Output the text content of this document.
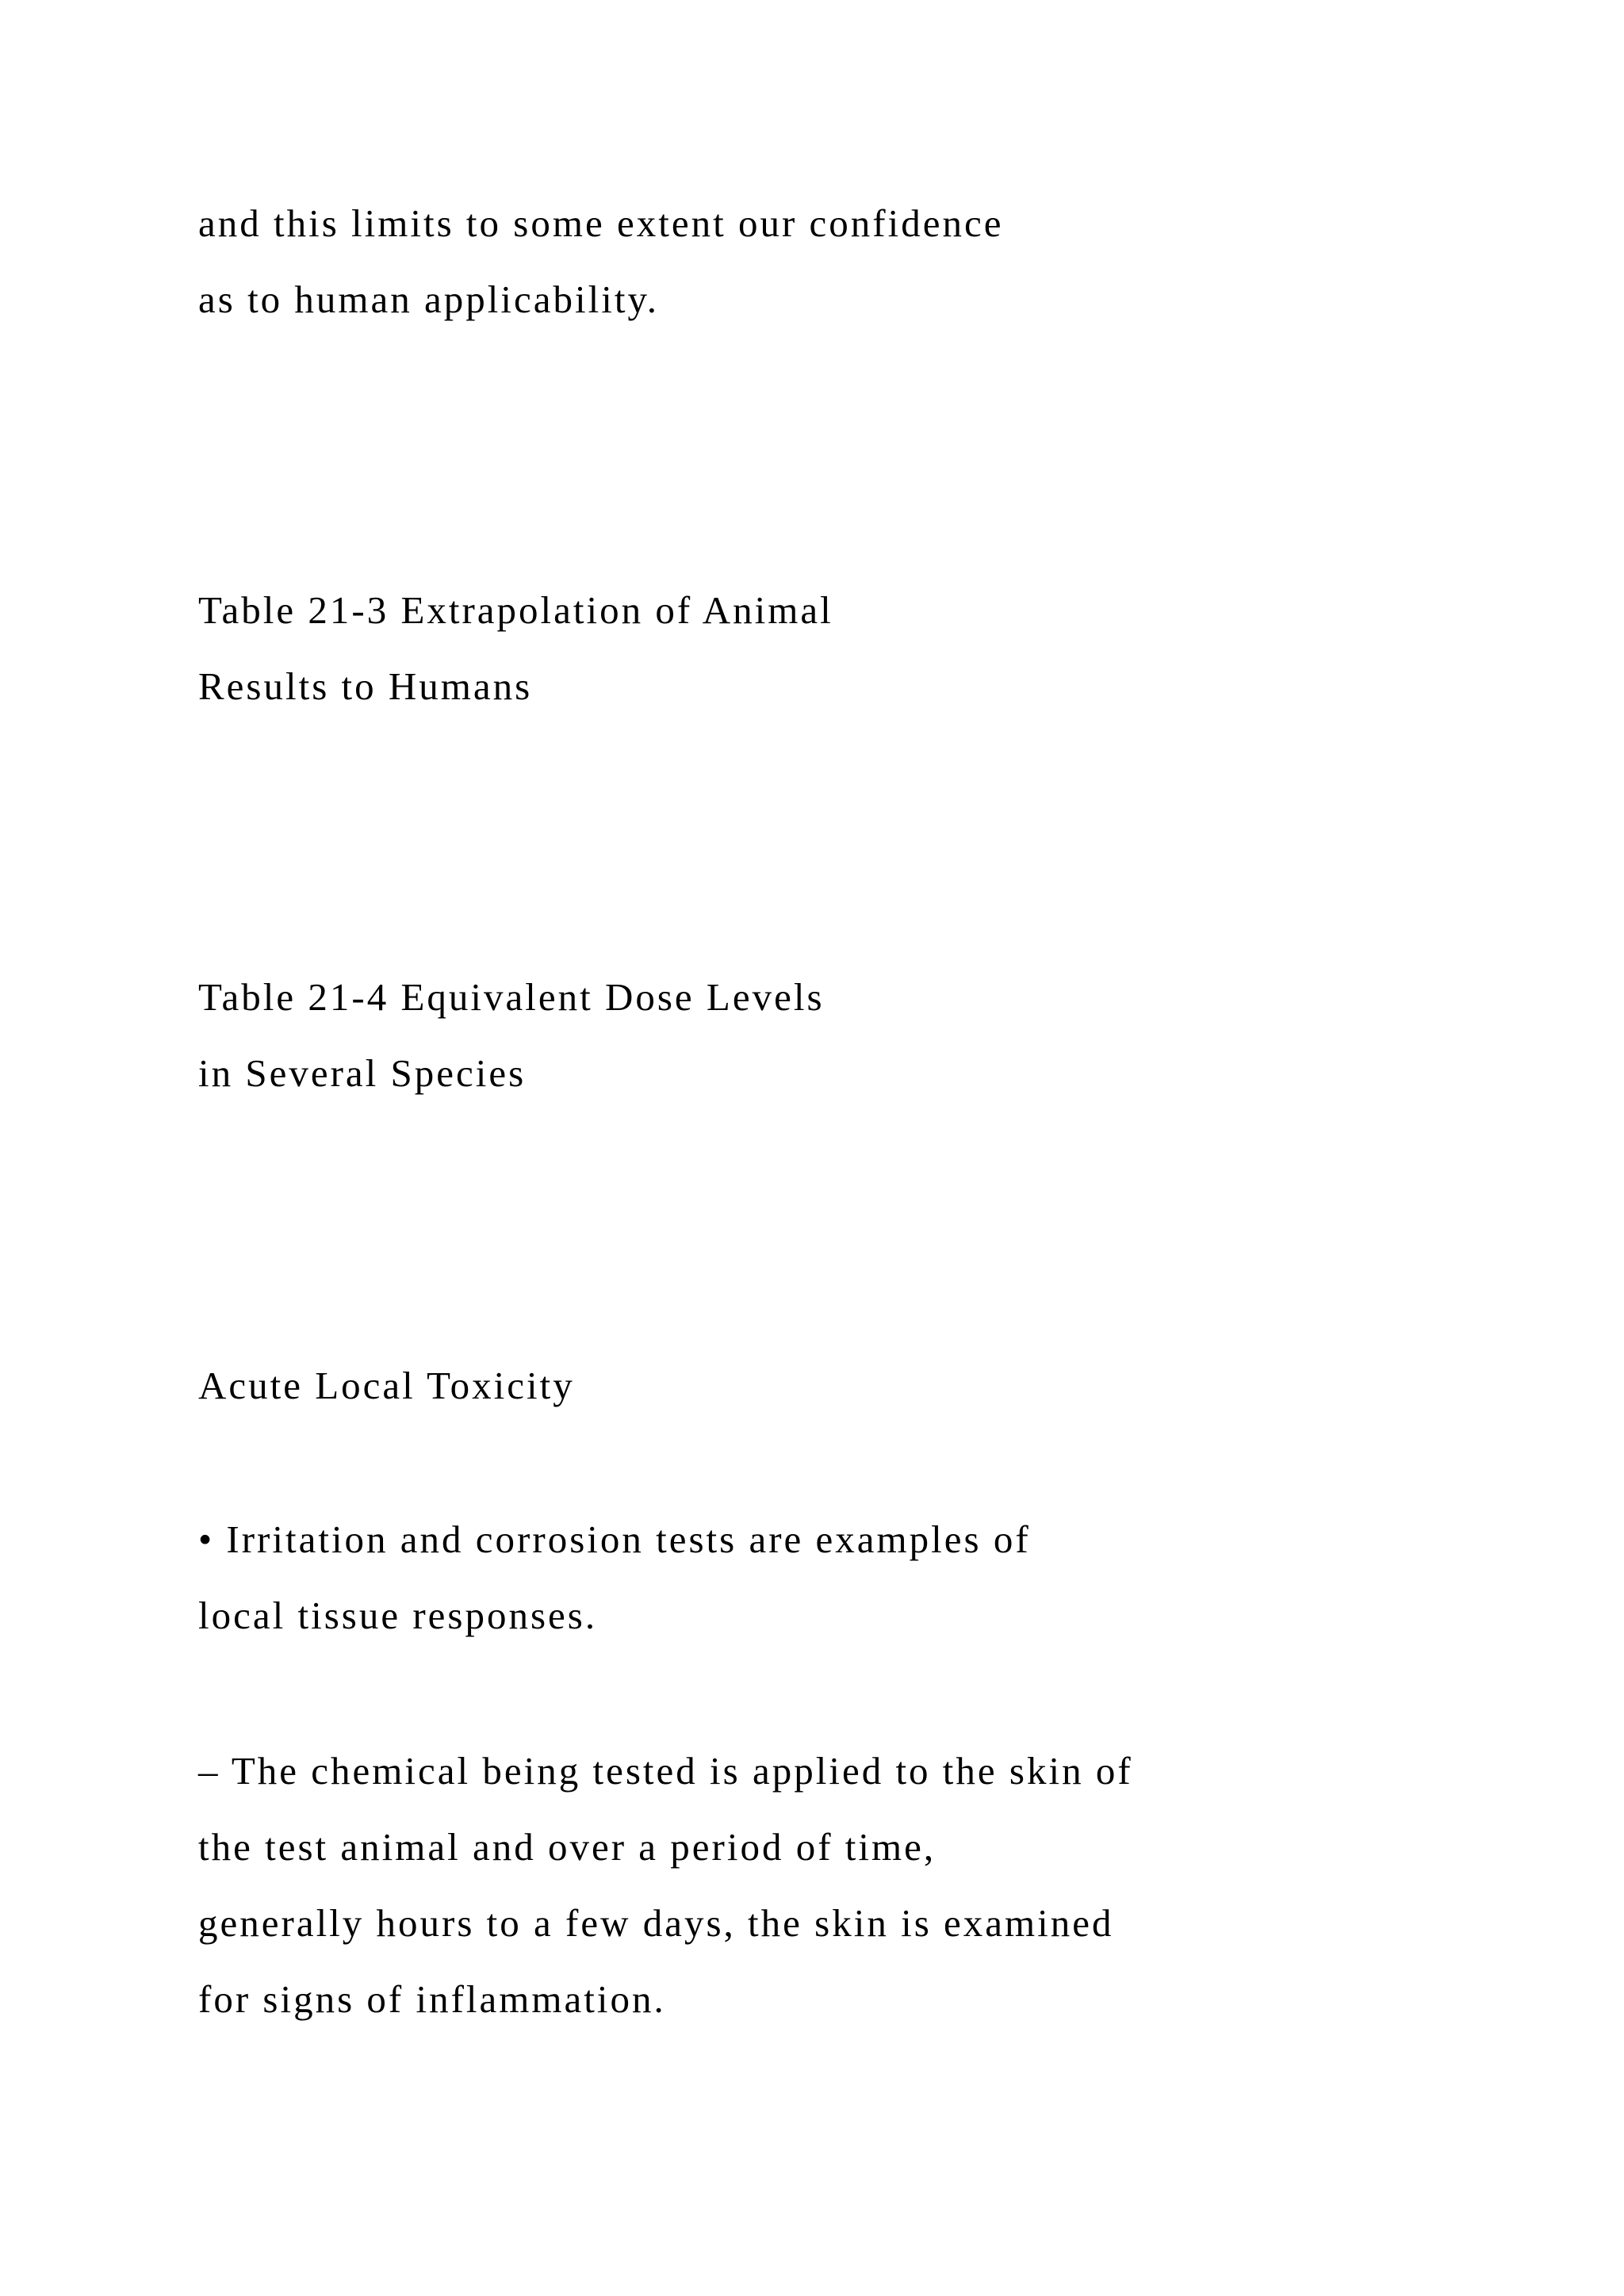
and this limits to some extent our confidence
as to human applicability.
Table 21-3 Extrapolation of Animal
Results to Humans
Table 21-4 Equivalent Dose Levels
in Several Species
Acute Local Toxicity
• Irritation and corrosion tests are examples of
local tissue responses.
– The chemical being tested is applied to the skin of
the test animal and over a period of time,
generally hours to a few days, the skin is examined
for signs of inflammation.
